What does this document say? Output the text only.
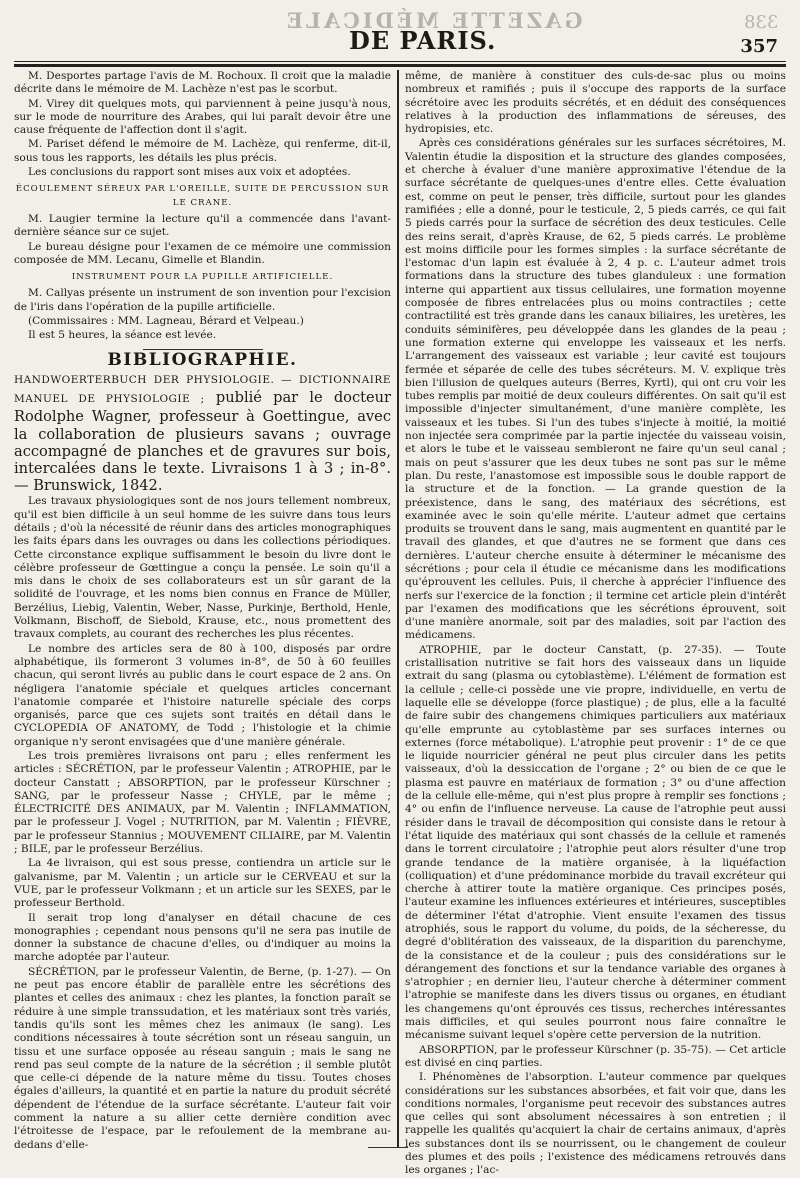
GAZETTE MÉDICALE	338
DE PARIS.	357

M. Desportes partage l'avis de M. Rochoux. Il croit que la maladie décrite dans le mémoire de M. Lachèze n'est pas le scorbut.

M. Virey dit quelques mots, qui parviennent à peine jusqu'à nous, sur le mode de nourriture des Arabes, qui lui paraît devoir être une cause fréquente de l'affection dont il s'agit.

M. Pariset défend le mémoire de M. Lachèze, qui renferme, dit-il, sous tous les rapports, les détails les plus précis.

Les conclusions du rapport sont mises aux voix et adoptées.

ÉCOULEMENT SÉREUX PAR L'OREILLE, SUITE DE PERCUSSION SUR LE CRANE.

M. Laugier termine la lecture qu'il a commencée dans l'avant-dernière séance sur ce sujet.

Le bureau désigne pour l'examen de ce mémoire une commission composée de MM. Lecanu, Gimelle et Blandin.

INSTRUMENT POUR LA PUPILLE ARTIFICIELLE.

M. Callyas présente un instrument de son invention pour l'excision de l'iris dans l'opération de la pupille artificielle.

(Commissaires : MM. Lagneau, Bérard et Velpeau.)

Il est 5 heures, la séance est levée.

BIBLIOGRAPHIE.

HANDWOERTERBUCH DER PHYSIOLOGIE. — DICTIONNAIRE MANUEL DE PHYSIOLOGIE ; publié par le docteur Rodolphe Wagner, professeur à Goettingue, avec la collaboration de plusieurs savans ; ouvrage accompagné de planches et de gravures sur bois, intercalées dans le texte. Livraisons 1 à 3 ; in-8°. — Brunswick, 1842.

Les travaux physiologiques sont de nos jours tellement nombreux, qu'il est bien difficile à un seul homme de les suivre dans tous leurs détails ; d'où la nécessité de réunir dans des articles monographiques les faits épars dans les ouvrages ou dans les collections périodiques. Cette circonstance explique suffisamment le besoin du livre dont le célèbre professeur de Gœttingue a conçu la pensée. Le soin qu'il a mis dans le choix de ses collaborateurs est un sûr garant de la solidité de l'ouvrage, et les noms bien connus en France de Müller, Berzélius, Liebig, Valentin, Weber, Nasse, Purkinje, Berthold, Henle, Volkmann, Bischoff, de Siebold, Krause, etc., nous promettent des travaux complets, au courant des recherches les plus récentes.

Le nombre des articles sera de 80 à 100, disposés par ordre alphabétique, ils formeront 3 volumes in-8°, de 50 à 60 feuilles chacun, qui seront livrés au public dans le court espace de 2 ans. On négligera l'anatomie spéciale et quelques articles concernant l'anatomie comparée et l'histoire naturelle spéciale des corps organisés, parce que ces sujets sont traités en détail dans le CYCLOPEDIA OF ANATOMY, de Todd ; l'histologie et la chimie organique n'y seront envisagées que d'une manière générale.

Les trois premières livraisons ont paru ; elles renferment les articles : SÉCRÉTION, par le professeur Valentin ; ATROPHIE, par le docteur Canstatt ; ABSORPTION, par le professeur Kürschner ; SANG, par le professeur Nasse ; CHYLE, par le même ; ÉLECTRICITÉ DES ANIMAUX, par M. Valentin ; INFLAMMATION, par le professeur J. Vogel ; NUTRITION, par M. Valentin ; FIÈVRE, par le professeur Stannius ; MOUVEMENT CILIAIRE, par M. Valentin ; BILE, par le professeur Berzélius.

La 4e livraison, qui est sous presse, contiendra un article sur le galvanisme, par M. Valentin ; un article sur le CERVEAU et sur la VUE, par le professeur Volkmann ; et un article sur les SEXES, par le professeur Berthold.

Il serait trop long d'analyser en détail chacune de ces monographies ; cependant nous pensons qu'il ne sera pas inutile de donner la substance de chacune d'elles, ou d'indiquer au moins la marche adoptée par l'auteur.

SÉCRÉTION, par le professeur Valentin, de Berne, (p. 1-27). — On ne peut pas encore établir de parallèle entre les sécrétions des plantes et celles des animaux : chez les plantes, la fonction paraît se réduire à une simple transsudation, et les matériaux sont très variés, tandis qu'ils sont les mêmes chez les animaux (le sang). Les conditions nécessaires à toute sécrétion sont un réseau sanguin, un tissu et une surface opposée au réseau sanguin ; mais le sang ne rend pas seul compte de la nature de la sécrétion ; il semble plutôt que celle-ci dépende de la nature même du tissu. Toutes choses égales d'ailleurs, la quantité et en partie la nature du produit sécrété dépendent de l'étendue de la surface sécrétante. L'auteur fait voir comment la nature a su allier cette dernière condition avec l'étroitesse de l'espace, par le refoulement de la membrane au-dedans d'elle-

même, de manière à constituer des culs-de-sac plus ou moins nombreux et ramifiés ; puis il s'occupe des rapports de la surface sécrétoire avec les produits sécrétés, et en déduit des conséquences relatives à la production des inflammations de séreuses, des hydropisies, etc.

Après ces considérations générales sur les surfaces sécrétoires, M. Valentin étudie la disposition et la structure des glandes composées, et cherche à évaluer d'une manière approximative l'étendue de la surface sécrétante de quelques-unes d'entre elles. Cette évaluation est, comme on peut le penser, très difficile, surtout pour les glandes ramifiées ; elle a donné, pour le testicule, 2, 5 pieds carrés, ce qui fait 5 pieds carrés pour la surface de sécrétion des deux testicules. Celle des reins serait, d'après Krause, de 62, 5 pieds carrés. Le problème est moins difficile pour les formes simples : la surface sécrétante de l'estomac d'un lapin est évaluée à 2, 4 p. c. L'auteur admet trois formations dans la structure des tubes glanduleux : une formation interne qui appartient aux tissus cellulaires, une formation moyenne composée de fibres entrelacées plus ou moins contractiles ; cette contractilité est très grande dans les canaux biliaires, les uretères, les conduits séminifères, peu développée dans les glandes de la peau ; une formation externe qui enveloppe les vaisseaux et les nerfs. L'arrangement des vaisseaux est variable ; leur cavité est toujours fermée et séparée de celle des tubes sécréteurs. M. V. explique très bien l'illusion de quelques auteurs (Berres, Kyrtl), qui ont cru voir les tubes remplis par moitié de deux couleurs différentes. On sait qu'il est impossible d'injecter simultanément, d'une manière complète, les vaisseaux et les tubes. Si l'un des tubes s'injecte à moitié, la moitié non injectée sera comprimée par la partie injectée du vaisseau voisin, et alors le tube et le vaisseau sembleront ne faire qu'un seul canal ; mais on peut s'assurer que les deux tubes ne sont pas sur le même plan. Du reste, l'anastomose est impossible sous le double rapport de la structure et de la fonction. — La grande question de la préexistence, dans le sang, des matériaux des sécrétions, est examinée avec le soin qu'elle mérite. L'auteur admet que certains produits se trouvent dans le sang, mais augmentent en quantité par le travail des glandes, et que d'autres ne se forment que dans ces dernières. L'auteur cherche ensuite à déterminer le mécanisme des sécrétions ; pour cela il étudie ce mécanisme dans les modifications qu'éprouvent les cellules. Puis, il cherche à apprécier l'influence des nerfs sur l'exercice de la fonction ; il termine cet article plein d'intérêt par l'examen des modifications que les sécrétions éprouvent, soit d'une manière anormale, soit par des maladies, soit par l'action des médicamens.

ATROPHIE, par le docteur Canstatt, (p. 27-35). — Toute cristallisation nutritive se fait hors des vaisseaux dans un liquide extrait du sang (plasma ou cytoblastème). L'élément de formation est la cellule ; celle-ci possède une vie propre, individuelle, en vertu de laquelle elle se développe (force plastique) ; de plus, elle a la faculté de faire subir des changemens chimiques particuliers aux matériaux qu'elle emprunte au cytoblastème par ses surfaces internes ou externes (force métabolique). L'atrophie peut provenir : 1° de ce que le liquide nourricier général ne peut plus circuler dans les petits vaisseaux, d'où la dessiccation de l'organe ; 2° ou bien de ce que le plasma est pauvre en matériaux de formation ; 3° ou d'une affection de la cellule elle-même, qui n'est plus propre à remplir ses fonctions ; 4° ou enfin de l'influence nerveuse. La cause de l'atrophie peut aussi résider dans le travail de décomposition qui consiste dans le retour à l'état liquide des matériaux qui sont chassés de la cellule et ramenés dans le torrent circulatoire ; l'atrophie peut alors résulter d'une trop grande tendance de la matière organisée, à la liquéfaction (colliquation) et d'une prédominance morbide du travail excréteur qui cherche à attirer toute la matière organique. Ces principes posés, l'auteur examine les influences extérieures et intérieures, susceptibles de déterminer l'état d'atrophie. Vient ensuite l'examen des tissus atrophiés, sous le rapport du volume, du poids, de la sécheresse, du degré d'oblitération des vaisseaux, de la disparition du parenchyme, de la consistance et de la couleur ; puis des considérations sur le dérangement des fonctions et sur la tendance variable des organes à s'atrophier ; en dernier lieu, l'auteur cherche à déterminer comment l'atrophie se manifeste dans les divers tissus ou organes, en étudiant les changemens qu'ont éprouvés ces tissus, recherches intéressantes mais difficiles, et qui seules pourront nous faire connaître le mécanisme suivant lequel s'opère cette perversion de la nutrition.

ABSORPTION, par le professeur Kürschner (p. 35-75). — Cet article est divisé en cinq parties.

I. Phénomènes de l'absorption. L'auteur commence par quelques considérations sur les substances absorbées, et fait voir que, dans les conditions normales, l'organisme peut recevoir des substances autres que celles qui sont absolument nécessaires à son entretien ; il rappelle les qualités qu'acquiert la chair de certains animaux, d'après les substances dont ils se nourrissent, ou le changement de couleur des plumes et des poils ; l'existence des médicamens retrouvés dans les organes ; l'ac-
